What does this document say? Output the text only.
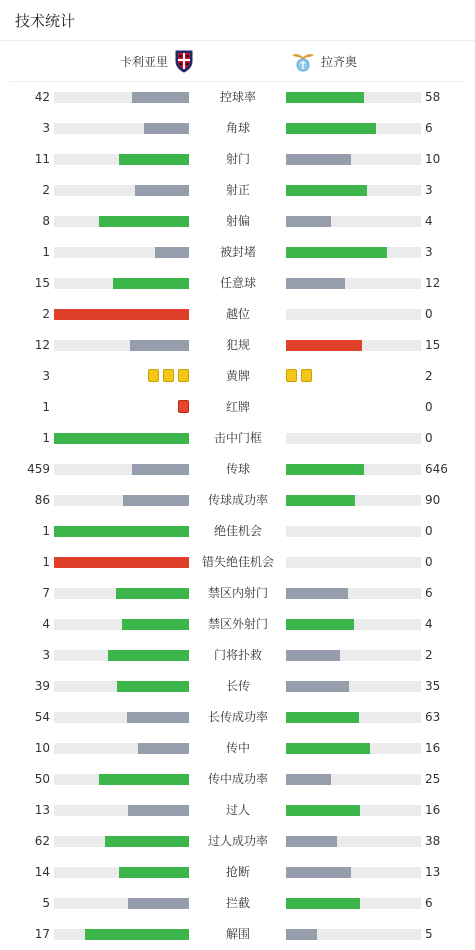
技术统计
卡利亚里	拉齐奥
42	控球率	58
3	角球	6
11	射门	10
2	射正	3
8	射偏	4
1	被封堵	3
15	任意球	12
2	越位	0
12	犯规	15
3	黄牌	2
1	红牌	0
1	击中门框	0
459	传球	646
86	传球成功率	90
1	绝佳机会	0
1	错失绝佳机会	0
7	禁区内射门	6
4	禁区外射门	4
3	门将扑救	2
39	长传	35
54	长传成功率	63
10	传中	16
50	传中成功率	25
13	过人	16
62	过人成功率	38
14	抢断	13
5	拦截	6
17	解围	5
